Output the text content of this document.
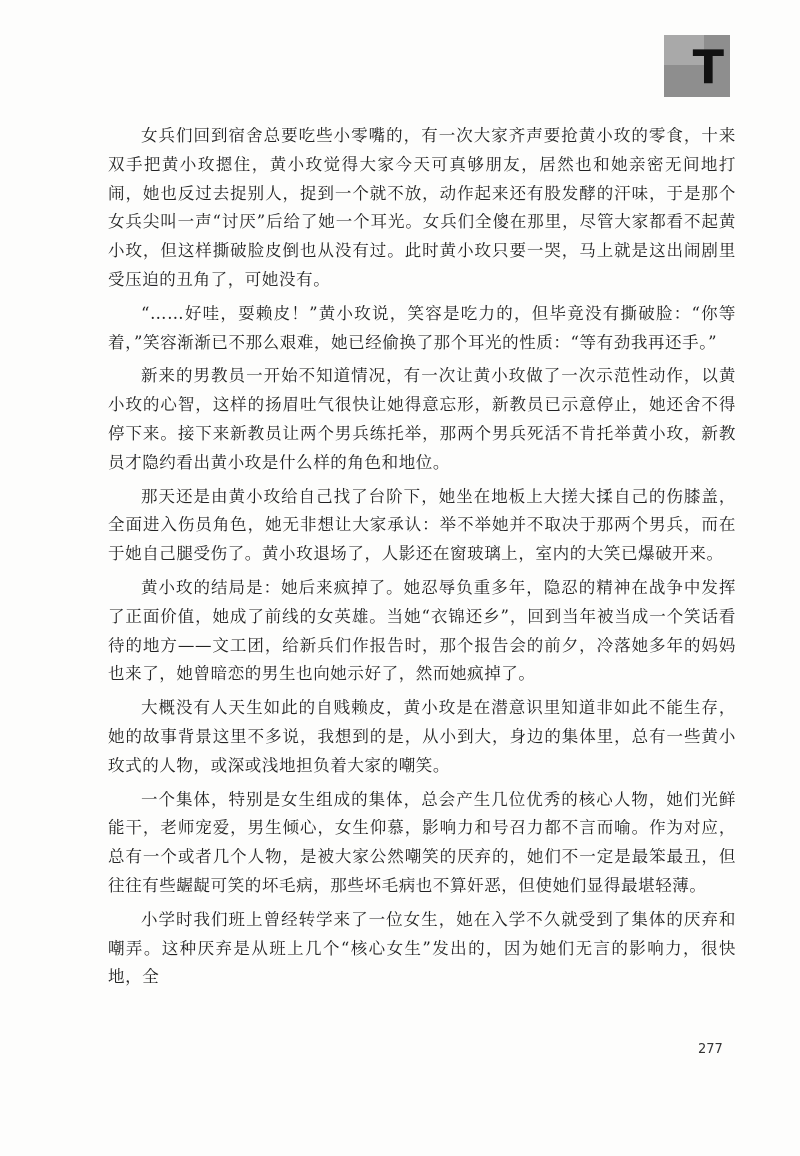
T

女兵们回到宿舍总要吃些小零嘴的，有一次大家齐声要抢黄小玫的零食，十来双手把黄小玫摁住，黄小玫觉得大家今天可真够朋友，居然也和她亲密无间地打闹，她也反过去捉别人，捉到一个就不放，动作起来还有股发酵的汗味，于是那个女兵尖叫一声“讨厌”后给了她一个耳光。女兵们全傻在那里，尽管大家都看不起黄小玫，但这样撕破脸皮倒也从没有过。此时黄小玫只要一哭，马上就是这出闹剧里受压迫的丑角了，可她没有。

“……好哇，耍赖皮！”黄小玫说，笑容是吃力的，但毕竟没有撕破脸：“你等着，”笑容渐渐已不那么艰难，她已经偷换了那个耳光的性质：“等有劲我再还手。”

新来的男教员一开始不知道情况，有一次让黄小玫做了一次示范性动作，以黄小玫的心智，这样的扬眉吐气很快让她得意忘形，新教员已示意停止，她还舍不得停下来。接下来新教员让两个男兵练托举，那两个男兵死活不肯托举黄小玫，新教员才隐约看出黄小玫是什么样的角色和地位。

那天还是由黄小玫给自己找了台阶下，她坐在地板上大搓大揉自己的伤膝盖，全面进入伤员角色，她无非想让大家承认：举不举她并不取决于那两个男兵，而在于她自己腿受伤了。黄小玫退场了，人影还在窗玻璃上，室内的大笑已爆破开来。

黄小玫的结局是：她后来疯掉了。她忍辱负重多年，隐忍的精神在战争中发挥了正面价值，她成了前线的女英雄。当她“衣锦还乡”，回到当年被当成一个笑话看待的地方——文工团，给新兵们作报告时，那个报告会的前夕，冷落她多年的妈妈也来了，她曾暗恋的男生也向她示好了，然而她疯掉了。

大概没有人天生如此的自贱赖皮，黄小玫是在潜意识里知道非如此不能生存，她的故事背景这里不多说，我想到的是，从小到大，身边的集体里，总有一些黄小玫式的人物，或深或浅地担负着大家的嘲笑。

一个集体，特别是女生组成的集体，总会产生几位优秀的核心人物，她们光鲜能干，老师宠爱，男生倾心，女生仰慕，影响力和号召力都不言而喻。作为对应，总有一个或者几个人物，是被大家公然嘲笑的厌弃的，她们不一定是最笨最丑，但往往有些龌龊可笑的坏毛病，那些坏毛病也不算奸恶，但使她们显得最堪轻薄。

小学时我们班上曾经转学来了一位女生，她在入学不久就受到了集体的厌弃和嘲弄。这种厌弃是从班上几个“核心女生”发出的，因为她们无言的影响力，很快地，全

277
